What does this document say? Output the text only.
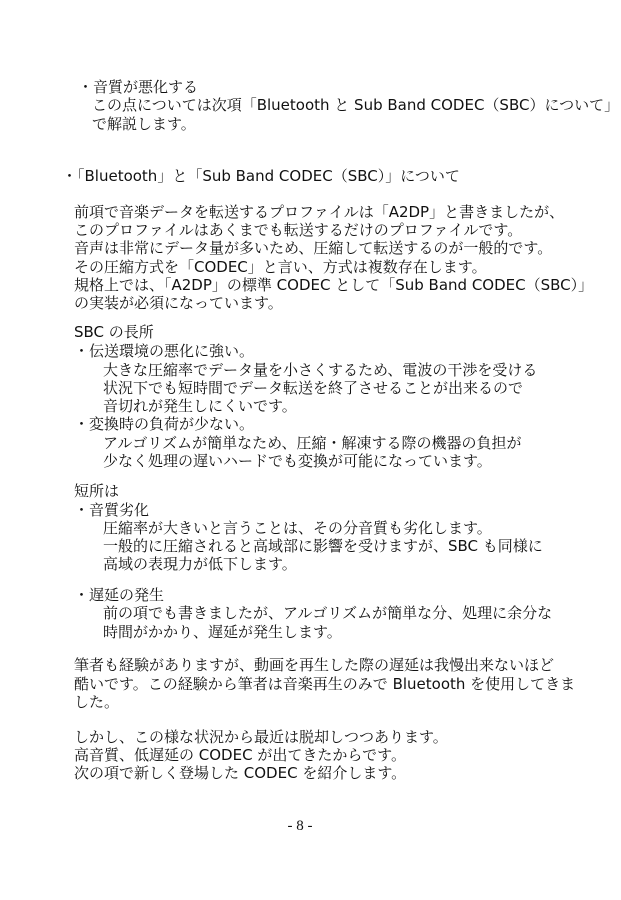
・音質が悪化する
この点については次項「Bluetooth と Sub Band CODEC（SBC）について」
で解説します。
・「Bluetooth」と「Sub Band CODEC（SBC）」について
前項で音楽データを転送するプロファイルは「A2DP」と書きましたが、
このプロファイルはあくまでも転送するだけのプロファイルです。
音声は非常にデータ量が多いため、圧縮して転送するのが一般的です。
その圧縮方式を「CODEC」と言い、方式は複数存在します。
規格上では、「A2DP」の標準 CODEC として「Sub Band CODEC（SBC）」
の実装が必須になっています。
SBC の長所
・伝送環境の悪化に強い。
大きな圧縮率でデータ量を小さくするため、電波の干渉を受ける
状況下でも短時間でデータ転送を終了させることが出来るので
音切れが発生しにくいです。
・変換時の負荷が少ない。
アルゴリズムが簡単なため、圧縮・解凍する際の機器の負担が
少なく処理の遅いハードでも変換が可能になっています。
短所は
・音質劣化
圧縮率が大きいと言うことは、その分音質も劣化します。
一般的に圧縮されると高域部に影響を受けますが、SBC も同様に
高域の表現力が低下します。
・遅延の発生
前の項でも書きましたが、アルゴリズムが簡単な分、処理に余分な
時間がかかり、遅延が発生します。
筆者も経験がありますが、動画を再生した際の遅延は我慢出来ないほど
酷いです。この経験から筆者は音楽再生のみで Bluetooth を使用してきま
した。
しかし、この様な状況から最近は脱却しつつあります。
高音質、低遅延の CODEC が出てきたからです。
次の項で新しく登場した CODEC を紹介します。
- 8 -
